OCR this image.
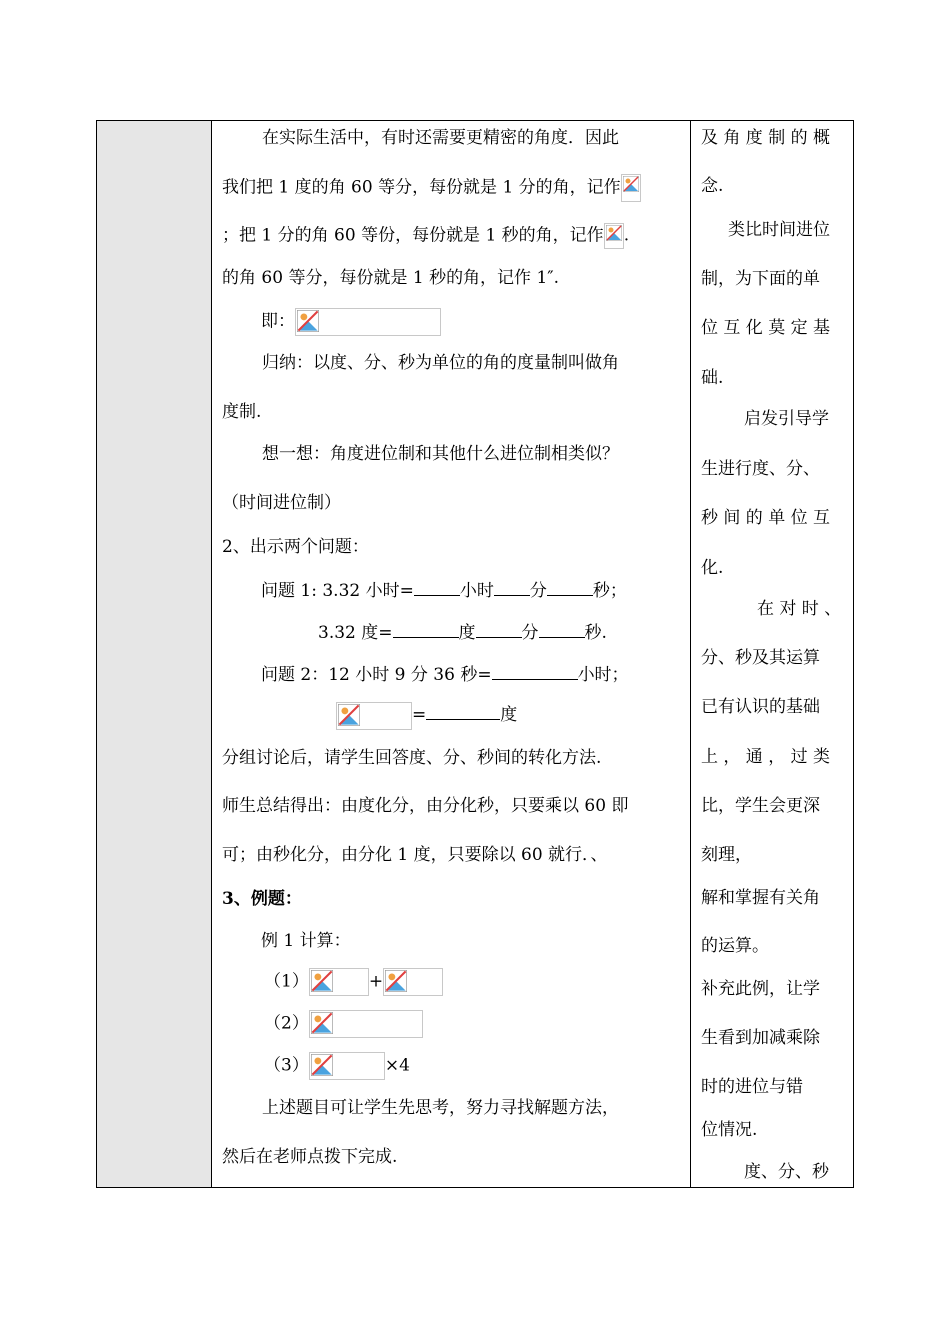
在实际生活中，有时还需要更精密的角度．因此
我们把 1 度的角 60 等分，每份就是 1 分的角，记作
；把 1 分的角 60 等份，每份就是 1 秒的角，记作 .
的角 60 等分，每份就是 1 秒的角，记作 1″.
即：
归纳：以度、分、秒为单位的角的度量制叫做角
度制.
想一想：角度进位制和其他什么进位制相类似？
（时间进位制）
2、出示两个问题：
问题 1: 3.32 小时=	小时 分	秒；
3.32 度=	度	分	秒.
问题 2：12 小时 9 分 36 秒=	小时；
=	度
分组讨论后，请学生回答度、分、秒间的转化方法.
师生总结得出：由度化分，由分化秒，只要乘以 60 即
可；由秒化分，由分化 1 度，只要除以 60 就行．、
3、例题：
例 1 计算：
（1）	+
（2）
（3）	×4
上述题目可让学生先思考，努力寻找解题方法，
然后在老师点拨下完成.
及 角 度 制 的 概
念.
类比时间进位
制，为下面的单
位 互 化 莫 定 基
础.
启发引导学
生进行度、分、
秒 间 的 单 位 互
化.
在 对 时 、
分、秒及其运算
已有认识的基础
上 ， 通 ， 过 类
比，学生会更深
刻理，
解和掌握有关角
的运算。
补充此例，让学
生看到加减乘除
时的进位与错
位情况.
度、分、秒
